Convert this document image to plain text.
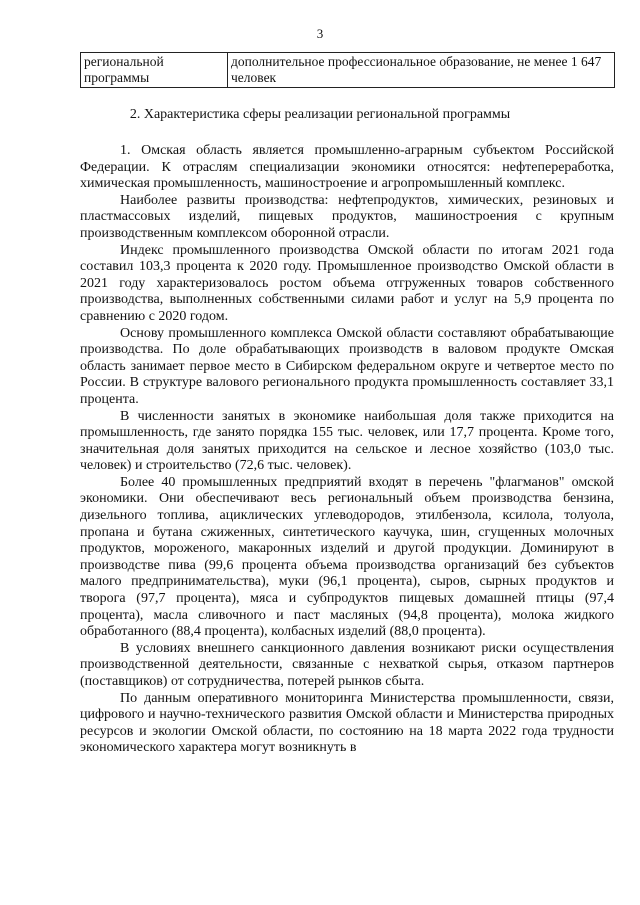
3
региональной программы	дополнительное профессиональное образование, не менее 1 647 человек
2. Характеристика сферы реализации региональной программы

1. Омская область является промышленно-аграрным субъектом Российской Федерации. К отраслям специализации экономики относятся: нефтепереработка, химическая промышленность, машиностроение и агропромышленный комплекс.

Наиболее развиты производства: нефтепродуктов, химических, резиновых и пластмассовых изделий, пищевых продуктов, машиностроения с крупным производственным комплексом оборонной отрасли.

Индекс промышленного производства Омской области по итогам 2021 года составил 103,3 процента к 2020 году. Промышленное производство Омской области в 2021 году характеризовалось ростом объема отгруженных товаров собственного производства, выполненных собственными силами работ и услуг на 5,9 процента по сравнению с 2020 годом.

Основу промышленного комплекса Омской области составляют обрабатывающие производства. По доле обрабатывающих производств в валовом продукте Омская область занимает первое место в Сибирском федеральном округе и четвертое место по России. В структуре валового регионального продукта промышленность составляет 33,1 процента.

В численности занятых в экономике наибольшая доля также приходится на промышленность, где занято порядка 155 тыс. человек, или 17,7 процента. Кроме того, значительная доля занятых приходится на сельское и лесное хозяйство (103,0 тыс. человек) и строительство (72,6 тыс. человек).

Более 40 промышленных предприятий входят в перечень "флагманов" омской экономики. Они обеспечивают весь региональный объем производства бензина, дизельного топлива, ациклических углеводородов, этилбензола, ксилола, толуола, пропана и бутана сжиженных, синтетического каучука, шин, сгущенных молочных продуктов, мороженого, макаронных изделий и другой продукции. Доминируют в производстве пива (99,6 процента объема производства организаций без субъектов малого предпринимательства), муки (96,1 процента), сыров, сырных продуктов и творога (97,7 процента), мяса и субпродуктов пищевых домашней птицы (97,4 процента), масла сливочного и паст масляных (94,8 процента), молока жидкого обработанного (88,4 процента), колбасных изделий (88,0 процента).

В условиях внешнего санкционного давления возникают риски осуществления производственной деятельности, связанные с нехваткой сырья, отказом партнеров (поставщиков) от сотрудничества, потерей рынков сбыта.

По данным оперативного мониторинга Министерства промышленности, связи, цифрового и научно-технического развития Омской области и Министерства природных ресурсов и экологии Омской области, по состоянию на 18 марта 2022 года трудности экономического характера могут возникнуть в
